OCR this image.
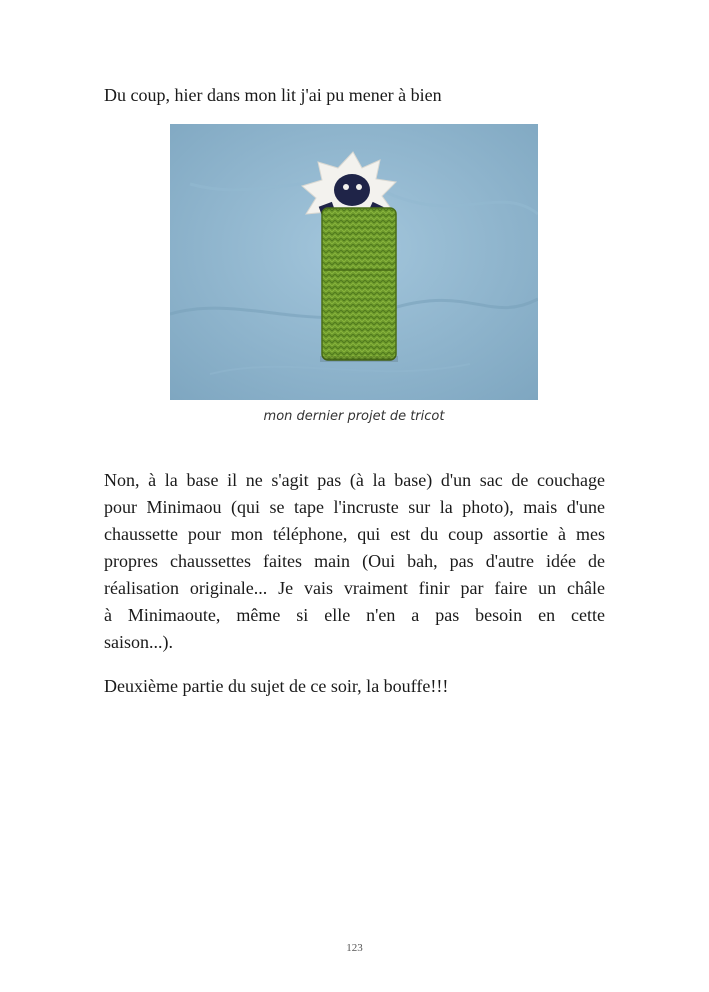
Du coup, hier dans mon lit j'ai pu mener à bien

mon dernier projet de tricot

Non, à la base il ne s'agit pas (à la base) d'un sac de couchage
pour Minimaou (qui se tape l'incruste sur la photo), mais d'une
chaussette pour mon téléphone, qui est du coup assortie à mes
propres chaussettes faites main (Oui bah, pas d'autre idée de
réalisation originale... Je vais vraiment finir par faire un châle
à Minimaoute, même si elle n'en a pas besoin en cette
saison...).

Deuxième partie du sujet de ce soir, la bouffe!!!

123
